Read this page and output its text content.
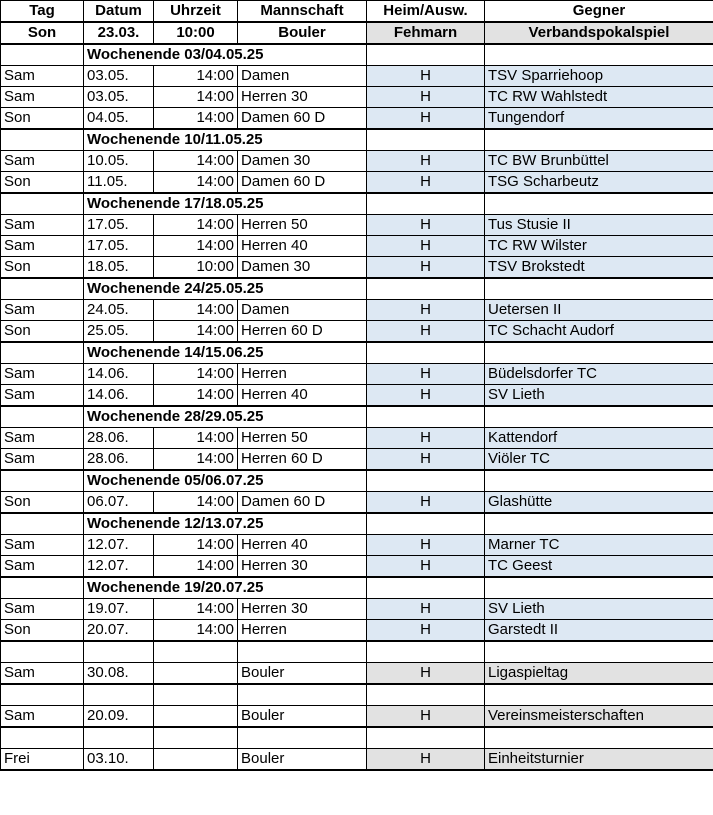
Tag	Datum	Uhrzeit	Mannschaft	Heim/Ausw.	Gegner
Son	23.03.	10:00	Bouler	Fehmarn	Verbandspokalspiel
	Wochenende 03/04.05.25				
Sam	03.05.	14:00	Damen	H	TSV Sparriehoop
Sam	03.05.	14:00	Herren 30	H	TC RW Wahlstedt
Son	04.05.	14:00	Damen 60 D	H	Tungendorf
	Wochenende 10/11.05.25				
Sam	10.05.	14:00	Damen 30	H	TC BW Brunbüttel
Son	11.05.	14:00	Damen 60 D	H	TSG Scharbeutz
	Wochenende 17/18.05.25				
Sam	17.05.	14:00	Herren 50	H	Tus Stusie II
Sam	17.05.	14:00	Herren 40	H	TC RW Wilster
Son	18.05.	10:00	Damen 30	H	TSV Brokstedt
	Wochenende 24/25.05.25				
Sam	24.05.	14:00	Damen	H	Uetersen II
Son	25.05.	14:00	Herren 60 D	H	TC Schacht Audorf
	Wochenende 14/15.06.25				
Sam	14.06.	14:00	Herren	H	Büdelsdorfer TC
Sam	14.06.	14:00	Herren 40	H	SV Lieth
	Wochenende 28/29.05.25				
Sam	28.06.	14:00	Herren 50	H	Kattendorf
Sam	28.06.	14:00	Herren 60 D	H	Viöler TC
	Wochenende 05/06.07.25				
Son	06.07.	14:00	Damen 60 D	H	Glashütte
	Wochenende 12/13.07.25				
Sam	12.07.	14:00	Herren 40	H	Marner TC
Sam	12.07.	14:00	Herren 30	H	TC Geest
	Wochenende 19/20.07.25				
Sam	19.07.	14:00	Herren 30	H	SV Lieth
Son	20.07.	14:00	Herren	H	Garstedt II

Sam	30.08.		Bouler	H	Ligaspieltag

Sam	20.09.		Bouler	H	Vereinsmeisterschaften

Frei	03.10.		Bouler	H	Einheitsturnier
